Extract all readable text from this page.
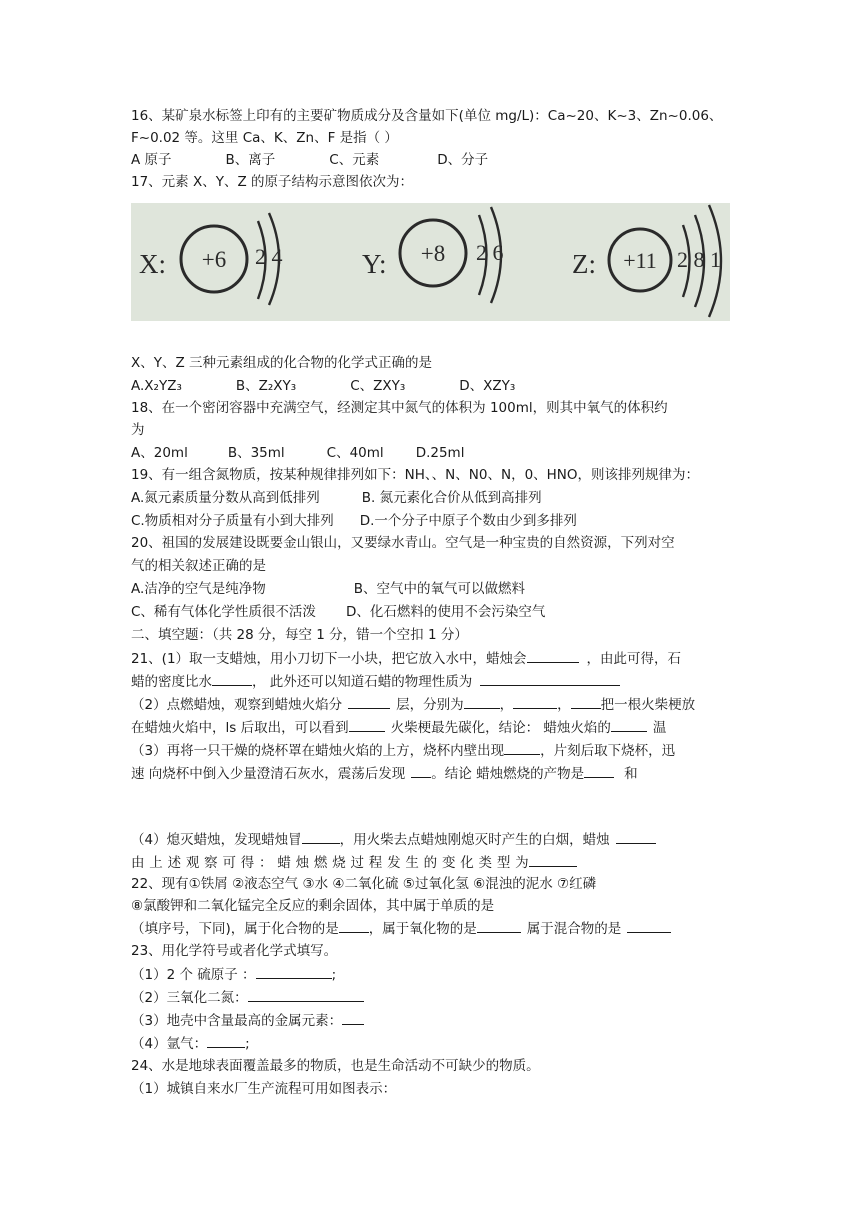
16、某矿泉水标签上印有的主要矿物质成分及含量如下(单位 mg/L)：Ca~20、K~3、Zn~0.06、
F~0.02 等。这里 Ca、K、Zn、F 是指（ ）
A 原子	B、离子	C、元素	D、分子
17、元素 X、Y、Z 的原子结构示意图依次为：
X: +6 2 4	Y: +8 2 6	Z: +11 2 8 1
X、Y、Z 三种元素组成的化合物的化学式正确的是
A.X₂YZ₃	B、Z₂XY₃	C、ZXY₃	D、XZY₃
18、在一个密闭容器中充满空气，经测定其中氮气的体积为 100ml，则其中氧气的体积约
为
A、20ml	B、35ml	C、40ml D.25ml
19、有一组含氮物质，按某种规律排列如下：NH、、N、N0、N，0、HNO，则该排列规律为：
A.氮元素质量分数从高到低排列	B. 氮元素化合价从低到高排列
C.物质相对分子质量有小到大排列 D.一个分子中原子个数由少到多排列
20、祖国的发展建设既要金山银山，又要绿水青山。空气是一种宝贵的自然资源，下列对空
气的相关叙述正确的是
A.洁净的空气是纯净物	B、空气中的氧气可以做燃料
C、稀有气体化学性质很不活泼 D、化石燃料的使用不会污染空气
二、填空题：（共 28 分，每空 1 分，错一个空扣 1 分）
21、(1）取一支蜡烛，用小刀切下一小块，把它放入水中，蜡烛会	，由此可得，石
蜡的密度比水	， 此外还可以知道石蜡的物理性质为
（2）点燃蜡烛，观察到蜡烛火焰分	层，分别为	，	， 把一根火柴梗放
在蜡烛火焰中，ls 后取出，可以看到	火柴梗最先碳化，结论： 蜡烛火焰的	温
（3）再将一只干燥的烧杯罩在蜡烛火焰的上方，烧杯内壁出现	，片刻后取下烧杯，迅
速 向烧杯中倒入少量澄清石灰水，震荡后发现 。结论 蜡烛燃烧的产物是	和
（4）熄灭蜡烛，发现蜡烛冒	，用火柴去点蜡烛刚熄灭时产生的白烟，蜡烛
由 上 述 观 察 可 得 ： 蜡 烛 燃 烧 过 程 发 生 的 变 化 类 型 为
22、现有①铁屑 ②液态空气 ③水 ④二氧化硫 ⑤过氧化氢 ⑥混浊的泥水 ⑦红磷
⑧氯酸钾和二氧化锰完全反应的剩余固体，其中属于单质的是
（填序号，下同)，属于化合物的是 ，属于氧化物的是	属于混合物的是
23、用化学符号或者化学式填写。
（1）2 个 硫原子 ：	;
（2）三氧化二氮：
（3）地壳中含量最高的金属元素：
（4）氩气：	;
24、水是地球表面覆盖最多的物质，也是生命活动不可缺少的物质。
（1）城镇自来水厂生产流程可用如图表示：
